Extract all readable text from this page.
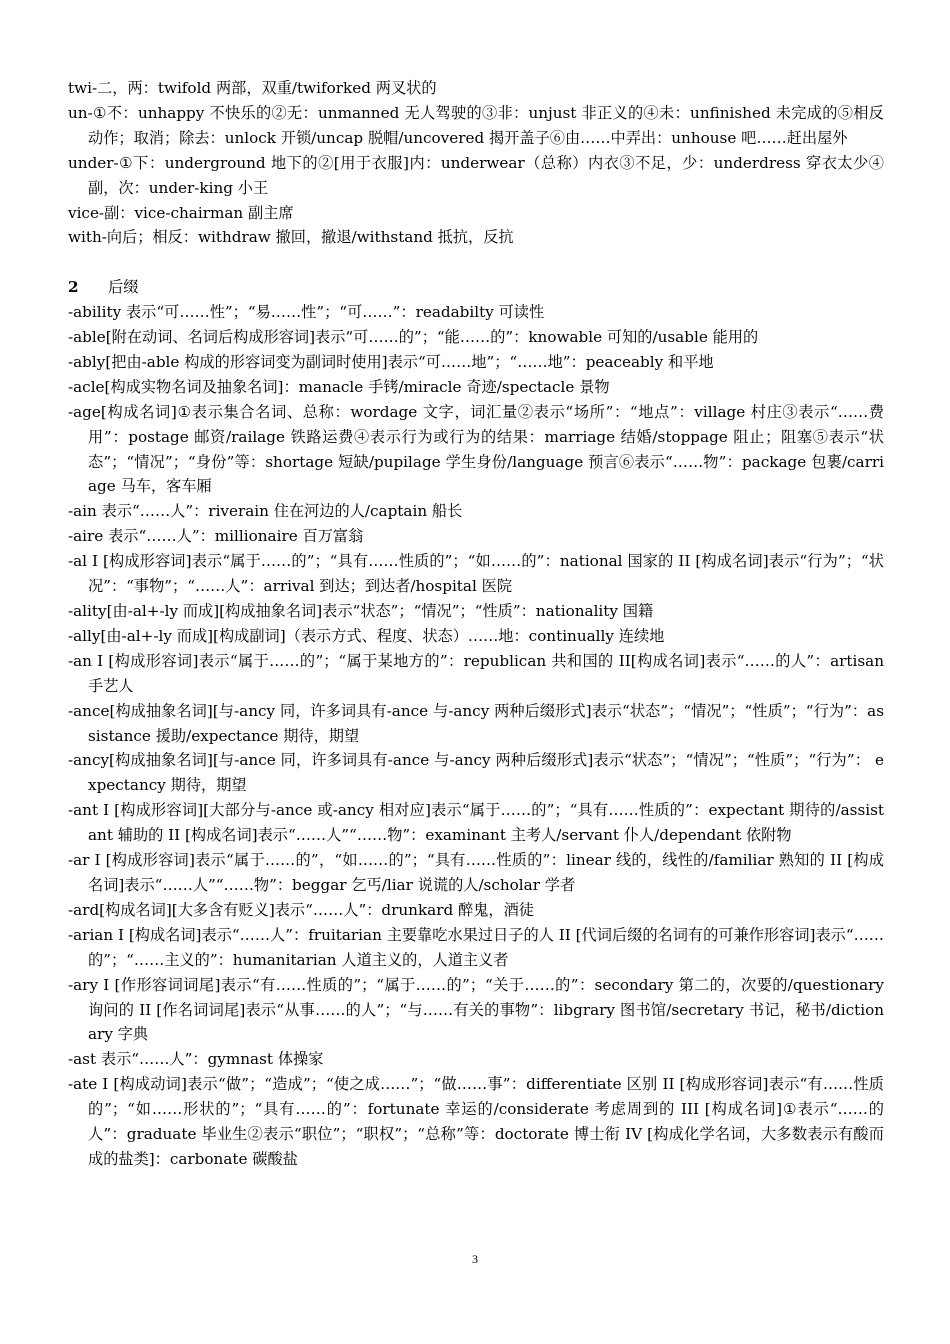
twi-二，两：twifold 两部，双重/twiforked 两叉状的

un-①不：unhappy 不快乐的②无：unmanned 无人驾驶的③非：unjust 非正义的④未：unfinished 未完成的⑤相反动作；取消；除去：unlock 开锁/uncap 脱帽/uncovered 揭开盖子⑥由……中弄出：unhouse 吧……赶出屋外

under-①下：underground 地下的②[用于衣服]内：underwear（总称）内衣③不足，少：underdress 穿衣太少④副，次：under-king 小王

vice-副：vice-chairman 副主席

with-向后；相反：withdraw 撤回，撤退/withstand 抵抗，反抗

2 后缀

-ability 表示“可……性”；“易……性”；“可……”：readabilty 可读性

-able[附在动词、名词后构成形容词]表示“可……的”；“能……的”：knowable 可知的/usable 能用的

-ably[把由-able 构成的形容词变为副词时使用]表示“可……地”；“……地”：peaceably 和平地

-acle[构成实物名词及抽象名词]：manacle 手铐/miracle 奇迹/spectacle 景物

-age[构成名词]①表示集合名词、总称：wordage 文字，词汇量②表示“场所”：“地点”：village 村庄③表示“……费用”：postage 邮资/railage 铁路运费④表示行为或行为的结果：marriage 结婚/stoppage 阻止；阻塞⑤表示“状态”；“情况”；“身份”等：shortage 短缺/pupilage 学生身份/language 预言⑥表示“……物”：package 包裹/carriage 马车，客车厢

-ain 表示“……人”：riverain 住在河边的人/captain 船长

-aire 表示“……人”：millionaire 百万富翁

-al I [构成形容词]表示“属于……的”；“具有……性质的”；“如……的”：national 国家的 II [构成名词]表示“行为”；“状况”：“事物”；“……人”：arrival 到达；到达者/hospital 医院

-ality[由-al+-ly 而成][构成抽象名词]表示“状态”；“情况”；“性质”：nationality 国籍

-ally[由-al+-ly 而成][构成副词]（表示方式、程度、状态）……地：continually 连续地

-an I [构成形容词]表示“属于……的”；“属于某地方的”：republican 共和国的 II[构成名词]表示“……的人”：artisan 手艺人

-ance[构成抽象名词][与-ancy 同，许多词具有-ance 与-ancy 两种后缀形式]表示“状态”；“情况”；“性质”；“行为”：assistance 援助/expectance 期待，期望

-ancy[构成抽象名词][与-ance 同，许多词具有-ance 与-ancy 两种后缀形式]表示“状态”；“情况”；“性质”；“行为”： expectancy 期待，期望

-ant I [构成形容词][大部分与-ance 或-ancy 相对应]表示“属于……的”；“具有……性质的”：expectant 期待的/assistant 辅助的 II [构成名词]表示“……人”“……物”：examinant 主考人/servant 仆人/dependant 依附物

-ar I [构成形容词]表示“属于……的”，“如……的”；“具有……性质的”：linear 线的，线性的/familiar 熟知的 II [构成名词]表示“……人”“……物”：beggar 乞丐/liar 说谎的人/scholar 学者

-ard[构成名词][大多含有贬义]表示“……人”：drunkard 醉鬼，酒徒

-arian I [构成名词]表示“……人”：fruitarian 主要靠吃水果过日子的人 II [代词后缀的名词有的可兼作形容词]表示“……的”；“……主义的”：humanitarian 人道主义的，人道主义者

-ary I [作形容词词尾]表示“有……性质的”；“属于……的”；“关于……的”：secondary 第二的，次要的/questionary 询问的 II [作名词词尾]表示“从事……的人”；“与……有关的事物”：libgrary 图书馆/secretary 书记，秘书/dictionary 字典

-ast 表示“……人”：gymnast 体操家

-ate I [构成动词]表示“做”；“造成”；“使之成……”；“做……事”：differentiate 区别 II [构成形容词]表示“有……性质的”；“如……形状的”；“具有……的”：fortunate 幸运的/considerate 考虑周到的 III [构成名词]①表示“……的人”：graduate 毕业生②表示“职位”；“职权”；“总称”等：doctorate 博士衔 IV [构成化学名词，大多数表示有酸而成的盐类]：carbonate 碳酸盐

3
